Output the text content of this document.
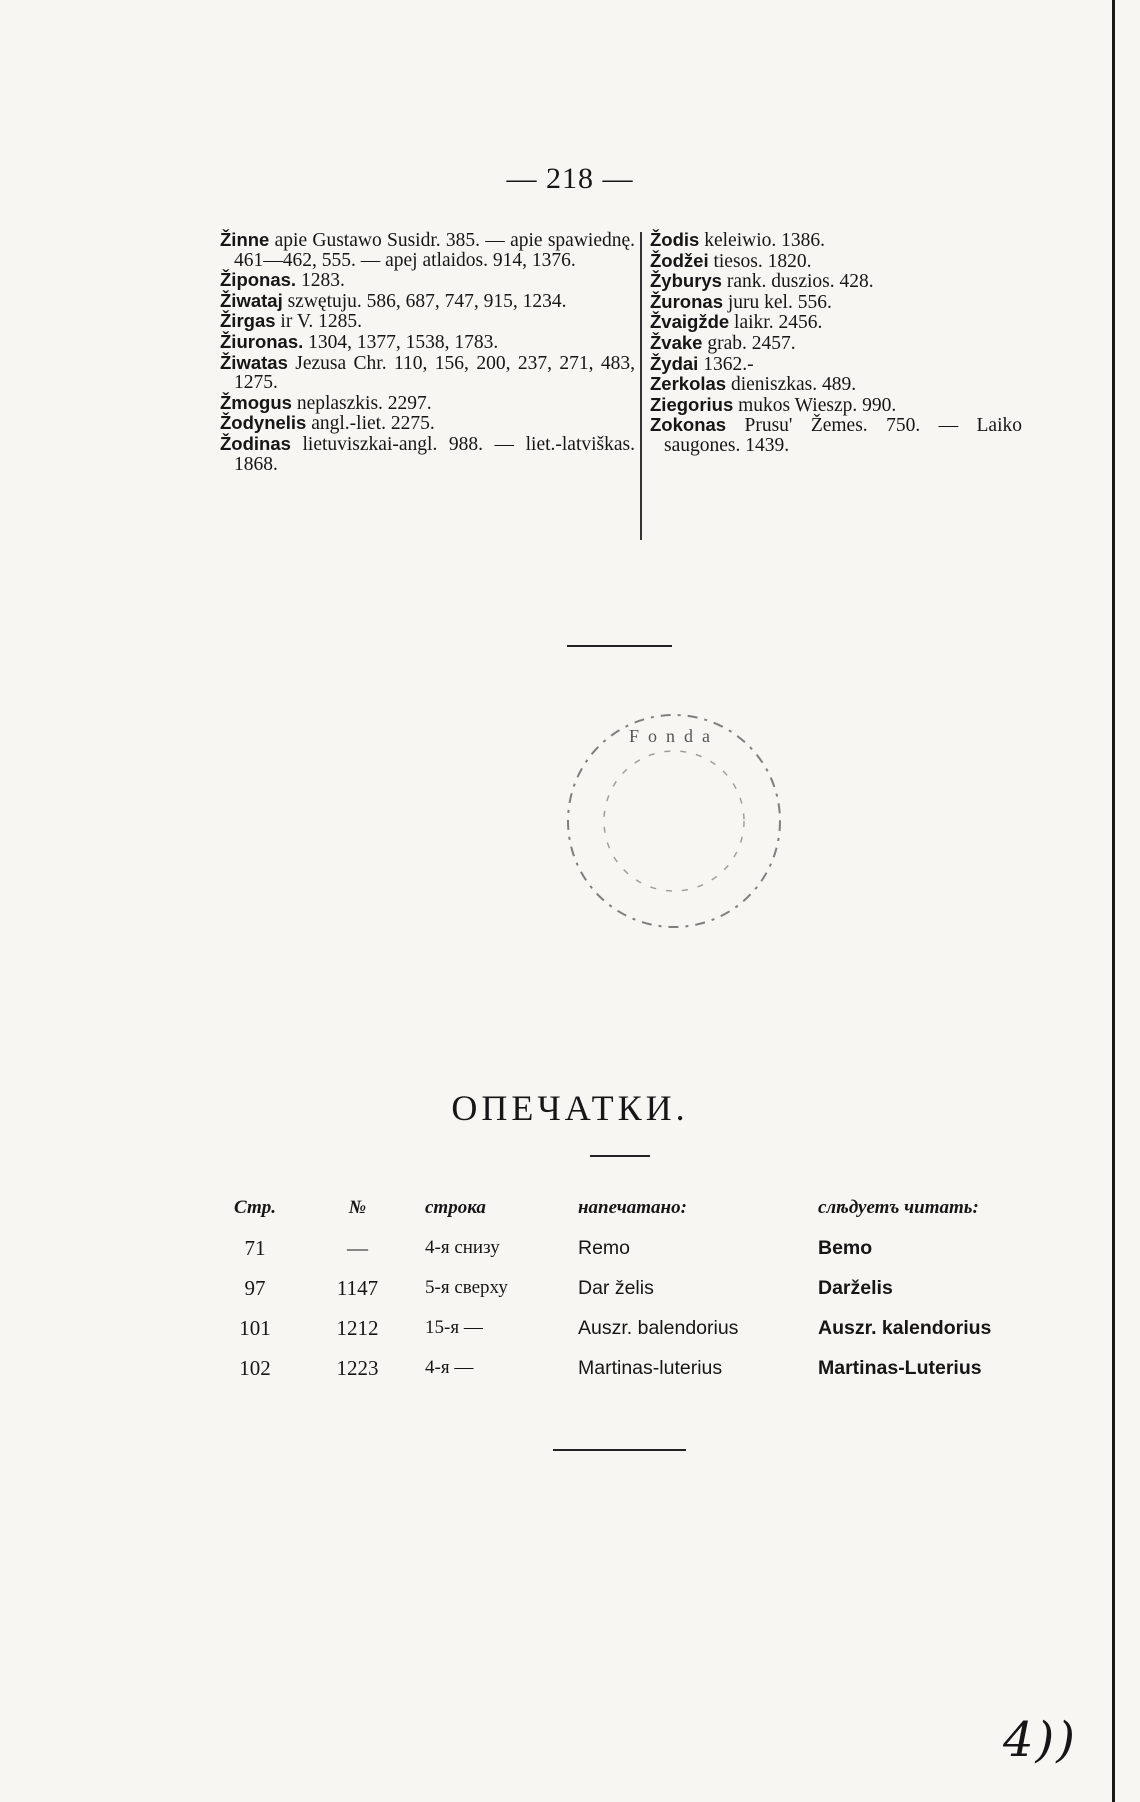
— 218 —

Žinne apie Gustawo Susidr. 385. — apie spawiednę. 461—462, 555. — apej atlaidos. 914, 1376.

Žiponas. 1283.

Žiwataj szwętuju. 586, 687, 747, 915, 1234.

Žirgas ir V. 1285.

Žiuronas. 1304, 1377, 1538, 1783.

Žiwatas Jezusa Chr. 110, 156, 200, 237, 271, 483, 1275.

Žmogus neplaszkis. 2297.

Žodynelis angl.-liet. 2275.

Žodinas lietuviszkai-angl. 988. — liet.-latviškas. 1868.

Žodis keleiwio. 1386.

Žodžei tiesos. 1820.

Žyburys rank. duszios. 428.

Žuronas juru kel. 556.

Žvaigžde laikr. 2456.

Žvake grab. 2457.

Žydai 1362.-

Zerkolas dieniszkas. 489.

Ziegorius mukos Wieszp. 990.

Zokonas Prusu' Žemes. 750. — Laiko saugones. 1439.

Fonda
ОПЕЧАТКИ.
Стр.	№	строка	напечатано:	слѣдуетъ читать:
71	—	4-я снизу	Remo	Bemo
97	1147	5-я сверху	Dar želis	Darželis
101	1212	15-я —	Auszr. balendorius	Auszr. kalendorius
102	1223	4-я —	Martinas-luterius	Martinas-Luterius
4))
